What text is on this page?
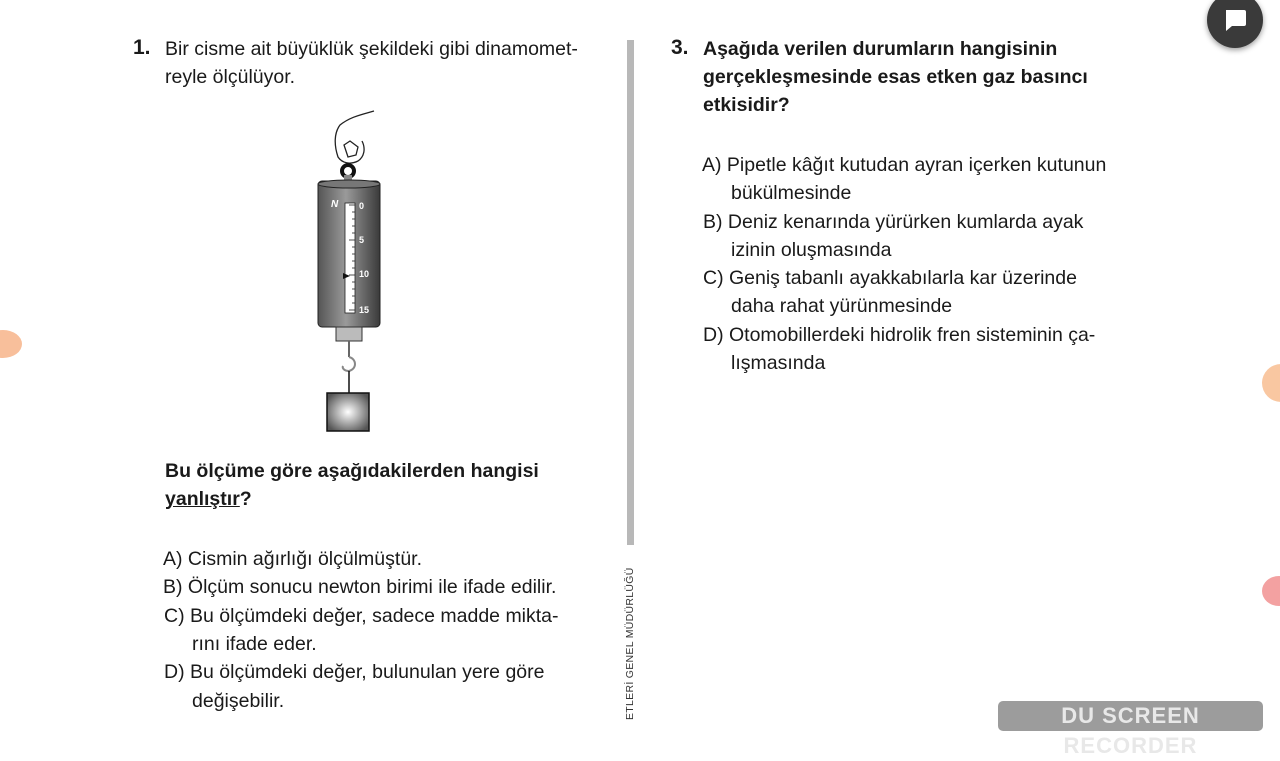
1. Bir cisme ait büyüklük şekildeki gibi dinamomet-
reyle ölçülüyor.
N 0
5
10
15
Bu ölçüme göre aşağıdakilerden hangisi
yanlıştır?
A) Cismin ağırlığı ölçülmüştür.
B) Ölçüm sonucu newton birimi ile ifade edilir.
C) Bu ölçümdeki değer, sadece madde mikta-
rını ifade eder.
D) Bu ölçümdeki değer, bulunulan yere göre
değişebilir.	ETLERİ GENEL MÜDÜRLÜĞÜ
3. Aşağıda verilen durumların hangisinin
gerçekleşmesinde esas etken gaz basıncı
etkisidir?
A) Pipetle kâğıt kutudan ayran içerken kutunun
bükülmesinde
B) Deniz kenarında yürürken kumlarda ayak
izinin oluşmasında
C) Geniş tabanlı ayakkabılarla kar üzerinde
daha rahat yürünmesinde
D) Otomobillerdeki hidrolik fren sisteminin ça-
lışmasında
DU SCREEN RECORDER
